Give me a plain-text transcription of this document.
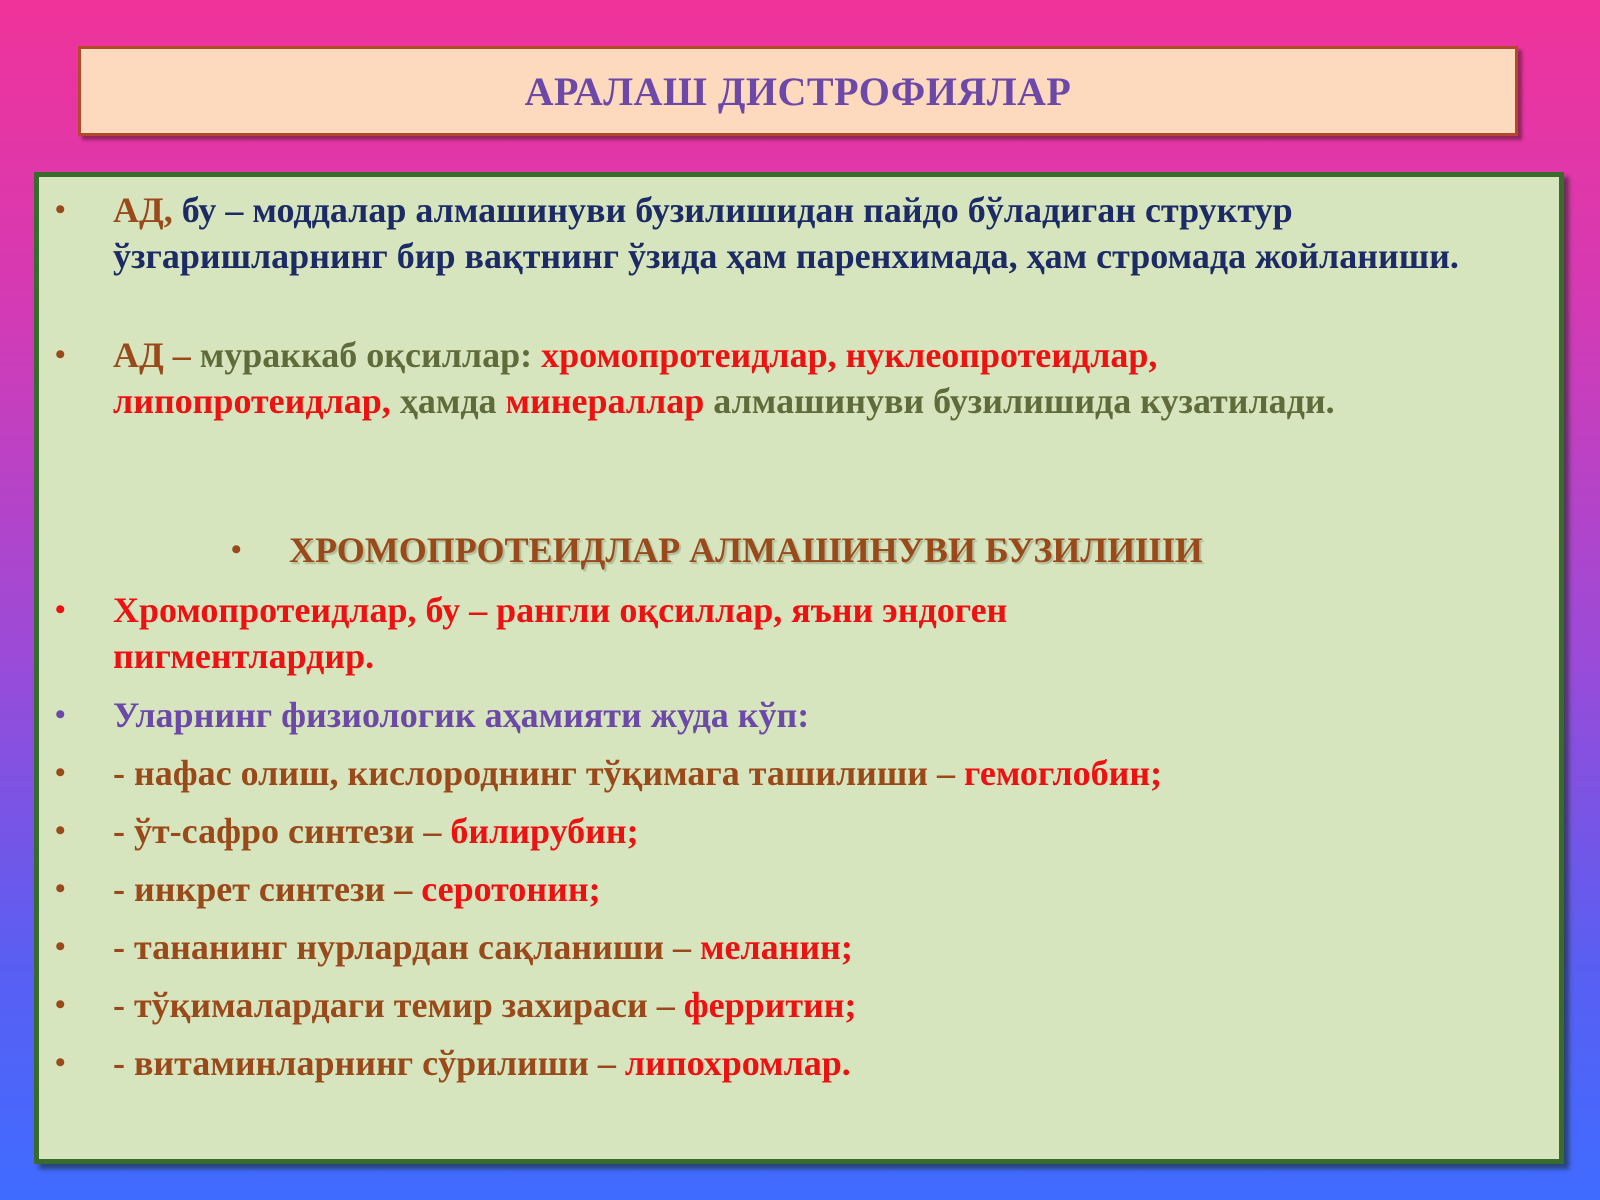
АРАЛАШ ДИСТРОФИЯЛАР
• АД, бу – моддалар алмашинуви бузилишидан пайдо бўладиган структур ўзгаришларнинг бир вақтнинг ўзида ҳам паренхимада, ҳам стромада жойланиши.
• АД – мураккаб оқсиллар: хромопротеидлар, нуклеопротеидлар, липопротеидлар, ҳамда минераллар алмашинуви бузилишида кузатилади.
• ХРОМОПРОТЕИДЛАР АЛМАШИНУВИ БУЗИЛИШИ
• Хромопротеидлар, бу – рангли оқсиллар, яъни эндоген пигментлардир.
• Уларнинг физиологик аҳамияти жуда кўп:
• - нафас олиш, кислороднинг тўқимага ташилиши – гемоглобин;
• - ўт-сафро синтези – билирубин;
• - инкрет синтези – серотонин;
• - тананинг нурлардан сақланиши – меланин;
• - тўқималардаги темир захираси – ферритин;
• - витаминларнинг сўрилиши – липохромлар.
